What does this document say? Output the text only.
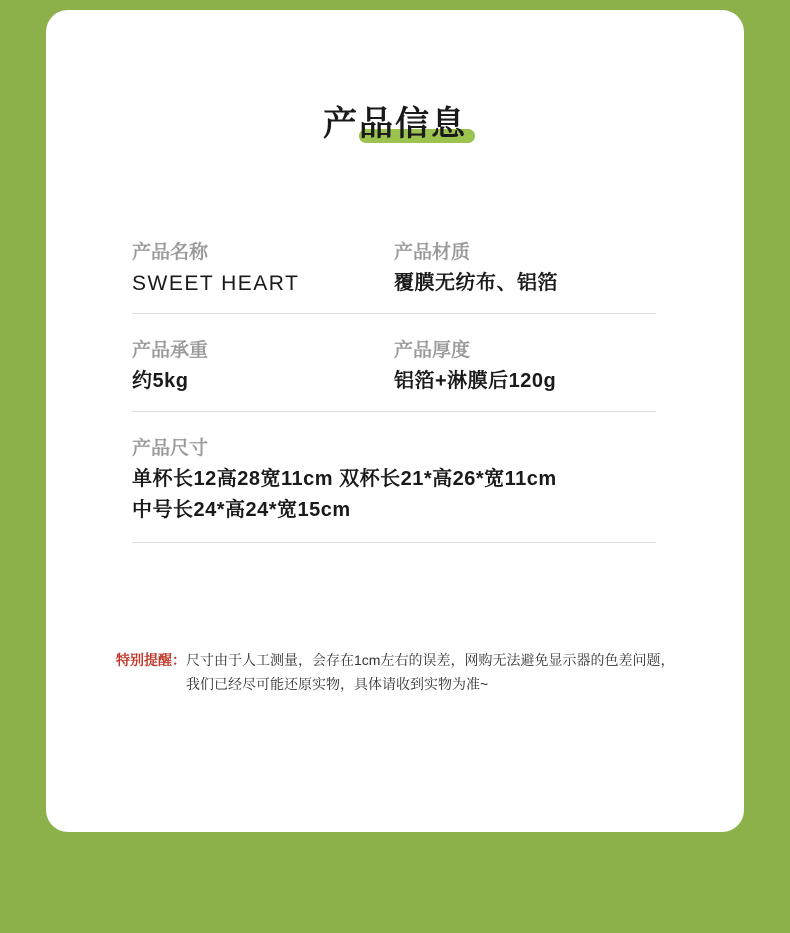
产品信息
产品名称
SWEET HEART
产品材质
覆膜无纺布、铝箔
产品承重
约5kg
产品厚度
铝箔+淋膜后120g
产品尺寸
单杯长12高28宽11cm 双杯长21*高26*宽11cm
中号长24*高24*宽15cm
特别提醒： 尺寸由于人工测量，会存在1cm左右的误差，网购无法避免显示器的色差问题，
我们已经尽可能还原实物，具体请收到实物为准~
